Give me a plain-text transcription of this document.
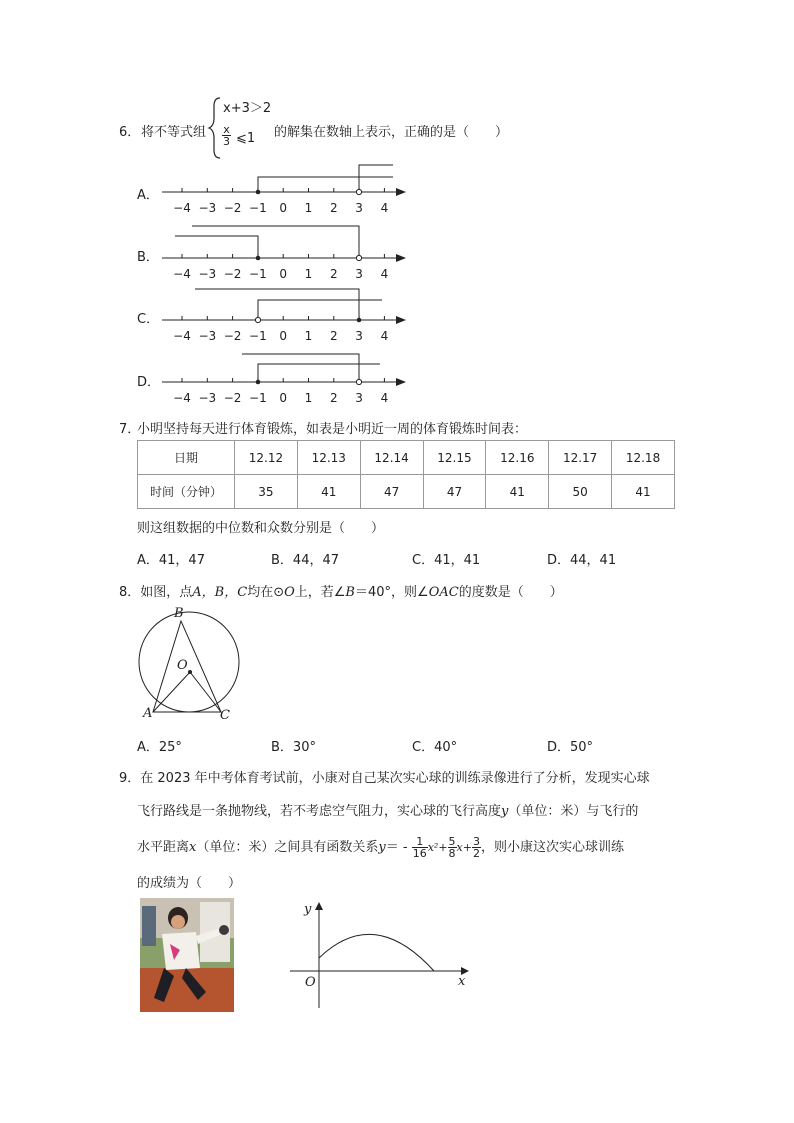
6． 将不等式组
x+3＞2
$\frac{x}{3}$ ⩽1 的解集在数轴上表示，正确的是（　　）
A．
−4 −3 −2 −1 0 1 2 3 4
B．
−4 −3 −2 −1 0 1 2 3 4
C．
−4 −3 −2 −1 0 1 2 3 4
D．
−4 −3 −2 −1 0 1 2 3 4
7．
小明坚持每天进行体育锻炼，如表是小明近一周的体育锻炼时间表：
日期	12.12	12.13	12.14	12.15	12.16	12.17	12.18
时间（分钟）	35	41	47	47	41	50	41
则这组数据的中位数和众数分别是（　　）
A．41，47	B．44，47	C．41，41	D．44，41
8．如图，点A，B，C均在⊙O上，若∠B＝40°，则∠OAC的度数是（　　）
B
O
A	C
A．25°	B．30°	C．40°	D．50°
9．在 2023 年中考体育考试前，小康对自己某次实心球的训练录像进行了分析，发现实心球
飞行路线是一条抛物线，若不考虑空气阻力，实心球的飞行高度y（单位：米）与飞行的
水平距离x（单位：米）之间具有函数关系$y= - \frac{1}{16} x^2+ \frac{5}{8} x+ \frac{3}{2}$ ，则小康这次实心球训练
的成绩为（　　）
y
x
O
